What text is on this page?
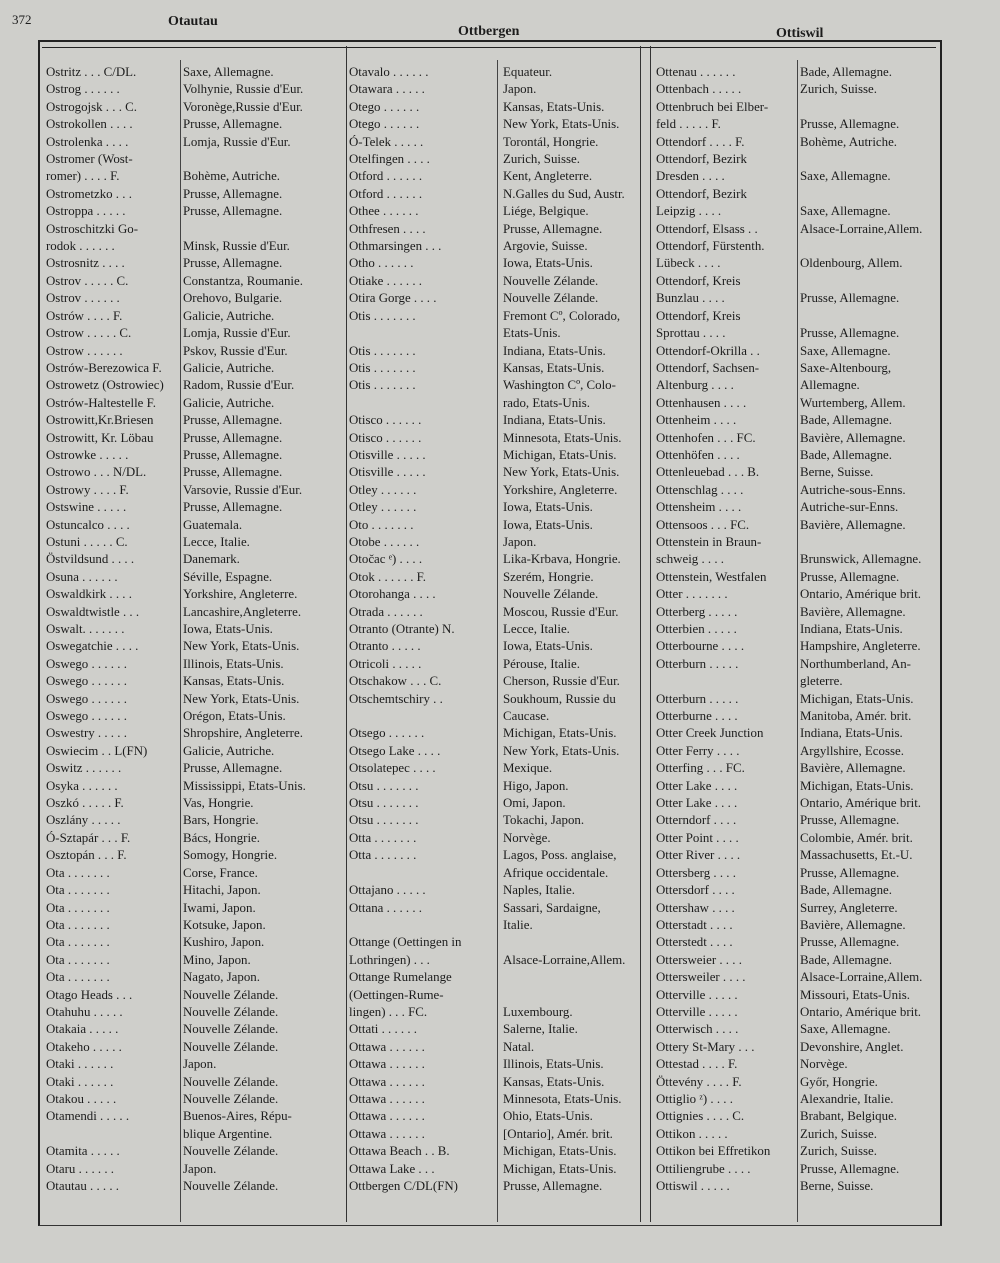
372	Otautau
Ottbergen	Ottiswil
Ostritz . . . C/DL.	Saxe, Allemagne.
Ostrog . . . . . .	Volhynie, Russie d'Eur.
Ostrogojsk . . . C.	Voronège,Russie d'Eur.
Ostrokollen . . . .	Prusse, Allemagne.
Ostrolenka . . . .	Lomja, Russie d'Eur.
Ostromer (Wost-
romer) . . . . F.	Bohème, Autriche.
Ostrometzko . . .	Prusse, Allemagne.
Ostroppa . . . . .	Prusse, Allemagne.
Ostroschitzki Go-
rodok . . . . . .	Minsk, Russie d'Eur.
Ostrosnitz . . . .	Prusse, Allemagne.
Ostrov . . . . . C.	Constantza, Roumanie.
Ostrov . . . . . .	Orehovo, Bulgarie.
Ostrów . . . . F.	Galicie, Autriche.
Ostrow . . . . . C.	Lomja, Russie d'Eur.
Ostrow . . . . . .	Pskov, Russie d'Eur.
Ostrów-Berezowica F.	Galicie, Autriche.
Ostrowetz (Ostrowiec)	Radom, Russie d'Eur.
Ostrów-Haltestelle F.	Galicie, Autriche.
Ostrowitt,Kr.Briesen	Prusse, Allemagne.
Ostrowitt, Kr. Löbau	Prusse, Allemagne.
Ostrowke . . . . .	Prusse, Allemagne.
Ostrowo . . . N/DL.	Prusse, Allemagne.
Ostrowy . . . . F.	Varsovie, Russie d'Eur.
Ostswine . . . . .	Prusse, Allemagne.
Ostuncalco . . . .	Guatemala.
Ostuni . . . . . C.	Lecce, Italie.
Östvildsund . . . .	Danemark.
Osuna . . . . . .	Séville, Espagne.
Oswaldkirk . . . .	Yorkshire, Angleterre.
Oswaldtwistle . . .	Lancashire,Angleterre.
Oswalt. . . . . . .	Iowa, Etats-Unis.
Oswegatchie . . . .	New York, Etats-Unis.
Oswego . . . . . .	Illinois, Etats-Unis.
Oswego . . . . . .	Kansas, Etats-Unis.
Oswego . . . . . .	New York, Etats-Unis.
Oswego . . . . . .	Orégon, Etats-Unis.
Oswestry . . . . .	Shropshire, Angleterre.
Oswiecim . . L(FN)	Galicie, Autriche.
Oswitz . . . . . .	Prusse, Allemagne.
Osyka . . . . . .	Mississippi, Etats-Unis.
Oszkó . . . . . F.	Vas, Hongrie.
Oszlány . . . . .	Bars, Hongrie.
Ó-Sztapár . . . F.	Bács, Hongrie.
Osztopán . . . F.	Somogy, Hongrie.
Ota . . . . . . .	Corse, France.
Ota . . . . . . .	Hitachi, Japon.
Ota . . . . . . .	Iwami, Japon.
Ota . . . . . . .	Kotsuke, Japon.
Ota . . . . . . .	Kushiro, Japon.
Ota . . . . . . .	Mino, Japon.
Ota . . . . . . .	Nagato, Japon.
Otago Heads . . .	Nouvelle Zélande.
Otahuhu . . . . .	Nouvelle Zélande.
Otakaia . . . . .	Nouvelle Zélande.
Otakeho . . . . .	Nouvelle Zélande.
Otaki . . . . . .	Japon.
Otaki . . . . . .	Nouvelle Zélande.
Otakou . . . . .	Nouvelle Zélande.
Otamendi . . . . .	Buenos-Aires, Répu-
blique Argentine.
Otamita . . . . .	Nouvelle Zélande.
Otaru . . . . . .	Japon.
Otautau . . . . .	Nouvelle Zélande.
Otavalo . . . . . .	Equateur.
Otawara . . . . .	Japon.
Otego . . . . . .	Kansas, Etats-Unis.
Otego . . . . . .	New York, Etats-Unis.
Ó-Telek . . . . .	Torontál, Hongrie.
Otelfingen . . . .	Zurich, Suisse.
Otford . . . . . .	Kent, Angleterre.
Otford . . . . . .	N.Galles du Sud, Austr.
Othee . . . . . .	Liége, Belgique.
Othfresen . . . .	Prusse, Allemagne.
Othmarsingen . . .	Argovie, Suisse.
Otho . . . . . .	Iowa, Etats-Unis.
Otiake . . . . . .	Nouvelle Zélande.
Otira Gorge . . . .	Nouvelle Zélande.
Otis . . . . . . .	Fremont Cº, Colorado,
Etats-Unis.
Otis . . . . . . .	Indiana, Etats-Unis.
Otis . . . . . . .	Kansas, Etats-Unis.
Otis . . . . . . .	Washington Cº, Colo-
rado, Etats-Unis.
Otisco . . . . . .	Indiana, Etats-Unis.
Otisco . . . . . .	Minnesota, Etats-Unis.
Otisville . . . . .	Michigan, Etats-Unis.
Otisville . . . . .	New York, Etats-Unis.
Otley . . . . . .	Yorkshire, Angleterre.
Otley . . . . . .	Iowa, Etats-Unis.
Oto . . . . . . .	Iowa, Etats-Unis.
Otobe . . . . . .	Japon.
Otočac ᵉ) . . . .	Lika-Krbava, Hongrie.
Otok . . . . . . F.	Szerém, Hongrie.
Otorohanga . . . .	Nouvelle Zélande.
Otrada . . . . . .	Moscou, Russie d'Eur.
Otranto (Otrante) N.	Lecce, Italie.
Otranto . . . . .	Iowa, Etats-Unis.
Otricoli . . . . .	Pérouse, Italie.
Otschakow . . . C.	Cherson, Russie d'Eur.
Otschemtschiry . .	Soukhoum, Russie du
Caucase.
Otsego . . . . . .	Michigan, Etats-Unis.
Otsego Lake . . . .	New York, Etats-Unis.
Otsolatepec . . . .	Mexique.
Otsu . . . . . . .	Higo, Japon.
Otsu . . . . . . .	Omi, Japon.
Otsu . . . . . . .	Tokachi, Japon.
Otta . . . . . . .	Norvège.
Otta . . . . . . .	Lagos, Poss. anglaise,
Afrique occidentale.
Ottajano . . . . .	Naples, Italie.
Ottana . . . . . .	Sassari, Sardaigne,
Italie.
Ottange (Oettingen in
Lothringen) . . .	Alsace-Lorraine,Allem.
Ottange Rumelange
(Oettingen-Rume-
lingen) . . . FC.	Luxembourg.
Ottati . . . . . .	Salerne, Italie.
Ottawa . . . . . .	Natal.
Ottawa . . . . . .	Illinois, Etats-Unis.
Ottawa . . . . . .	Kansas, Etats-Unis.
Ottawa . . . . . .	Minnesota, Etats-Unis.
Ottawa . . . . . .	Ohio, Etats-Unis.
Ottawa . . . . . .	[Ontario], Amér. brit.
Ottawa Beach . . B.	Michigan, Etats-Unis.
Ottawa Lake . . .	Michigan, Etats-Unis.
Ottbergen C/DL(FN)	Prusse, Allemagne.
Ottenau . . . . . .	Bade, Allemagne.
Ottenbach . . . . .	Zurich, Suisse.
Ottenbruch bei Elber-
feld . . . . . F.	Prusse, Allemagne.
Ottendorf . . . . F.	Bohème, Autriche.
Ottendorf, Bezirk
Dresden . . . .	Saxe, Allemagne.
Ottendorf, Bezirk
Leipzig . . . .	Saxe, Allemagne.
Ottendorf, Elsass . .	Alsace-Lorraine,Allem.
Ottendorf, Fürstenth.
Lübeck . . . .	Oldenbourg, Allem.
Ottendorf, Kreis
Bunzlau . . . .	Prusse, Allemagne.
Ottendorf, Kreis
Sprottau . . . .	Prusse, Allemagne.
Ottendorf-Okrilla . .	Saxe, Allemagne.
Ottendorf, Sachsen-	Saxe-Altenbourg,
Altenburg . . . .	Allemagne.
Ottenhausen . . . .	Wurtemberg, Allem.
Ottenheim . . . .	Bade, Allemagne.
Ottenhofen . . . FC.	Bavière, Allemagne.
Ottenhöfen . . . .	Bade, Allemagne.
Ottenleuebad . . . B.	Berne, Suisse.
Ottenschlag . . . .	Autriche-sous-Enns.
Ottensheim . . . .	Autriche-sur-Enns.
Ottensoos . . . FC.	Bavière, Allemagne.
Ottenstein in Braun-
schweig . . . .	Brunswick, Allemagne.
Ottenstein, Westfalen	Prusse, Allemagne.
Otter . . . . . . .	Ontario, Amérique brit.
Otterberg . . . . .	Bavière, Allemagne.
Otterbien . . . . .	Indiana, Etats-Unis.
Otterbourne . . . .	Hampshire, Angleterre.
Otterburn . . . . .	Northumberland, An-
gleterre.
Otterburn . . . . .	Michigan, Etats-Unis.
Otterburne . . . .	Manitoba, Amér. brit.
Otter Creek Junction	Indiana, Etats-Unis.
Otter Ferry . . . .	Argyllshire, Ecosse.
Otterfing . . . FC.	Bavière, Allemagne.
Otter Lake . . . .	Michigan, Etats-Unis.
Otter Lake . . . .	Ontario, Amérique brit.
Otterndorf . . . .	Prusse, Allemagne.
Otter Point . . . .	Colombie, Amér. brit.
Otter River . . . .	Massachusetts, Et.-U.
Ottersberg . . . .	Prusse, Allemagne.
Ottersdorf . . . .	Bade, Allemagne.
Ottershaw . . . .	Surrey, Angleterre.
Otterstadt . . . .	Bavière, Allemagne.
Otterstedt . . . .	Prusse, Allemagne.
Ottersweier . . . .	Bade, Allemagne.
Ottersweiler . . . .	Alsace-Lorraine,Allem.
Otterville . . . . .	Missouri, Etats-Unis.
Otterville . . . . .	Ontario, Amérique brit.
Otterwisch . . . .	Saxe, Allemagne.
Ottery St-Mary . . .	Devonshire, Anglet.
Ottestad . . . . F.	Norvège.
Öttevény . . . . F.	Győr, Hongrie.
Ottiglio ᶻ) . . . .	Alexandrie, Italie.
Ottignies . . . . C.	Brabant, Belgique.
Ottikon . . . . .	Zurich, Suisse.
Ottikon bei Effretikon	Zurich, Suisse.
Ottiliengrube . . . .	Prusse, Allemagne.
Ottiswil . . . . .	Berne, Suisse.
